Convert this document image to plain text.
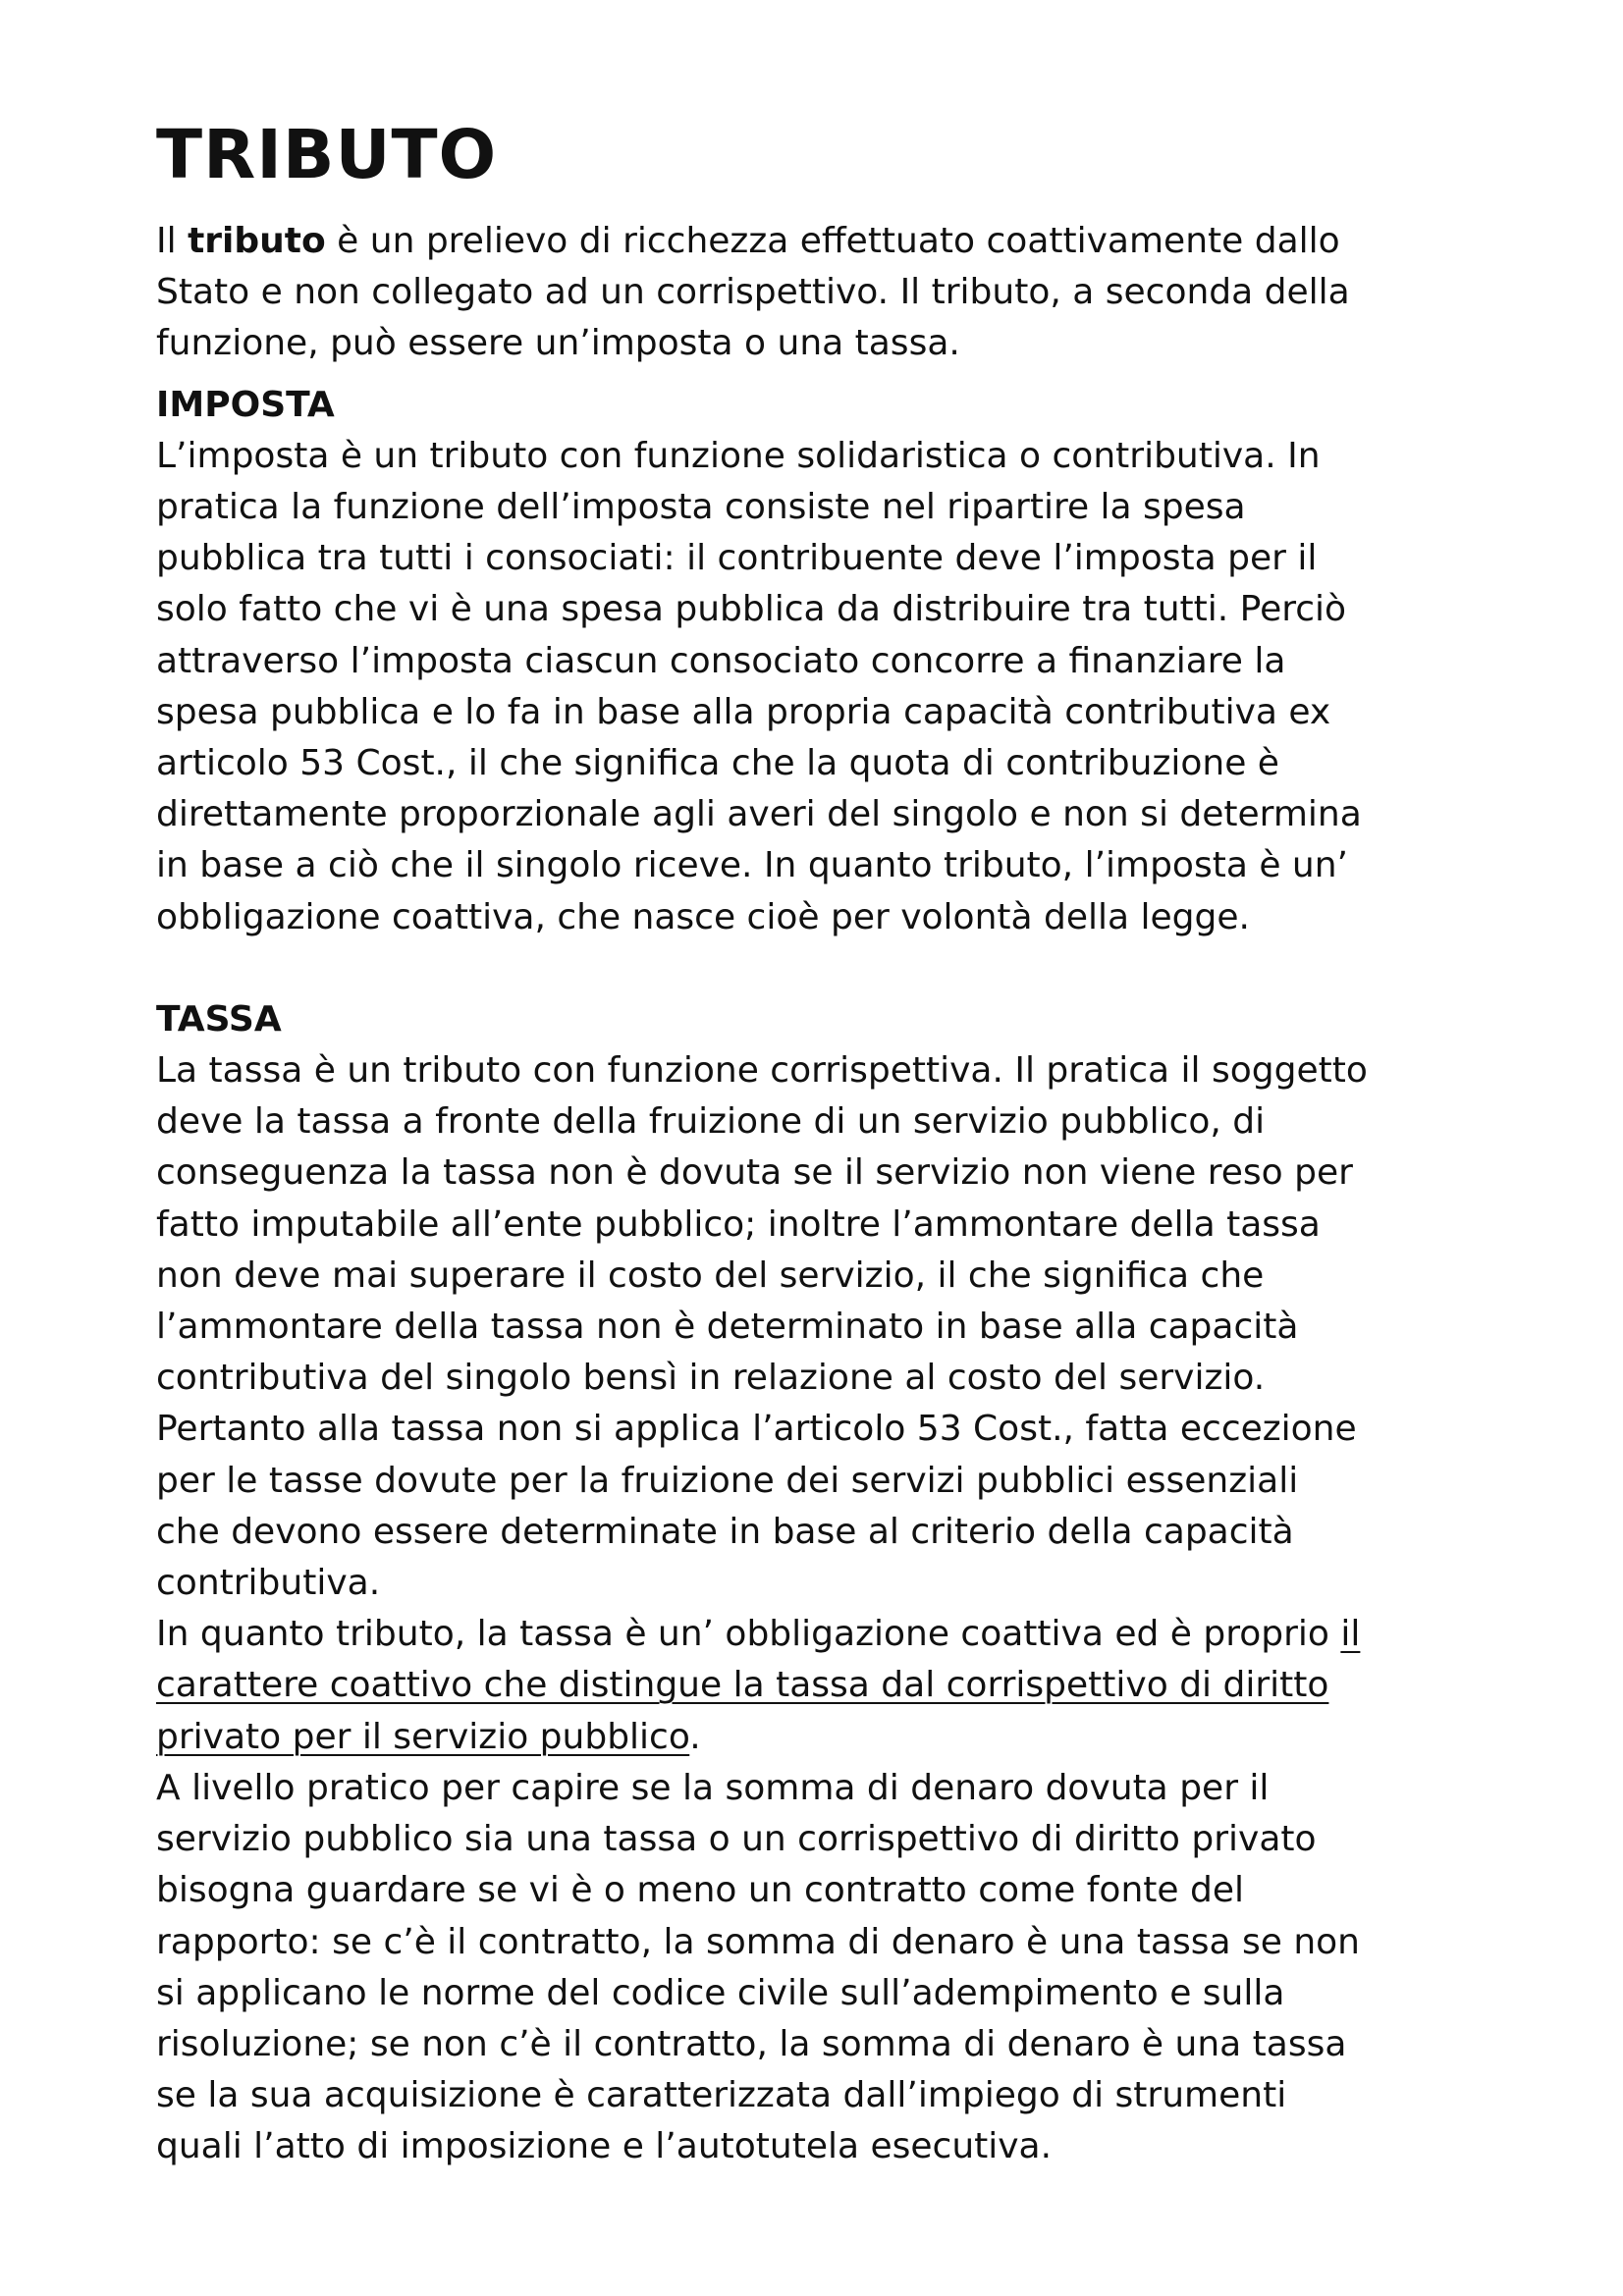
TRIBUTO
Il tributo è un prelievo di ricchezza effettuato coattivamente dallo
Stato e non collegato ad un corrispettivo. Il tributo, a seconda della
funzione, può essere un’imposta o una tassa.
IMPOSTA
L’imposta è un tributo con funzione solidaristica o contributiva. In
pratica la funzione dell’imposta consiste nel ripartire la spesa
pubblica tra tutti i consociati: il contribuente deve l’imposta per il
solo fatto che vi è una spesa pubblica da distribuire tra tutti. Perciò
attraverso l’imposta ciascun consociato concorre a finanziare la
spesa pubblica e lo fa in base alla propria capacità contributiva ex
articolo 53 Cost., il che significa che la quota di contribuzione è
direttamente proporzionale agli averi del singolo e non si determina
in base a ciò che il singolo riceve. In quanto tributo, l’imposta è un’
obbligazione coattiva, che nasce cioè per volontà della legge.
TASSA
La tassa è un tributo con funzione corrispettiva. Il pratica il soggetto
deve la tassa a fronte della fruizione di un servizio pubblico, di
conseguenza la tassa non è dovuta se il servizio non viene reso per
fatto imputabile all’ente pubblico; inoltre l’ammontare della tassa
non deve mai superare il costo del servizio, il che significa che
l’ammontare della tassa non è determinato in base alla capacità
contributiva del singolo bensì in relazione al costo del servizio.
Pertanto alla tassa non si applica l’articolo 53 Cost., fatta eccezione
per le tasse dovute per la fruizione dei servizi pubblici essenziali
che devono essere determinate in base al criterio della capacità
contributiva.
In quanto tributo, la tassa è un’ obbligazione coattiva ed è proprio il
carattere coattivo che distingue la tassa dal corrispettivo di diritto
privato per il servizio pubblico.
A livello pratico per capire se la somma di denaro dovuta per il
servizio pubblico sia una tassa o un corrispettivo di diritto privato
bisogna guardare se vi è o meno un contratto come fonte del
rapporto: se c’è il contratto, la somma di denaro è una tassa se non
si applicano le norme del codice civile sull’adempimento e sulla
risoluzione; se non c’è il contratto, la somma di denaro è una tassa
se la sua acquisizione è caratterizzata dall’impiego di strumenti
quali l’atto di imposizione e l’autotutela esecutiva.
